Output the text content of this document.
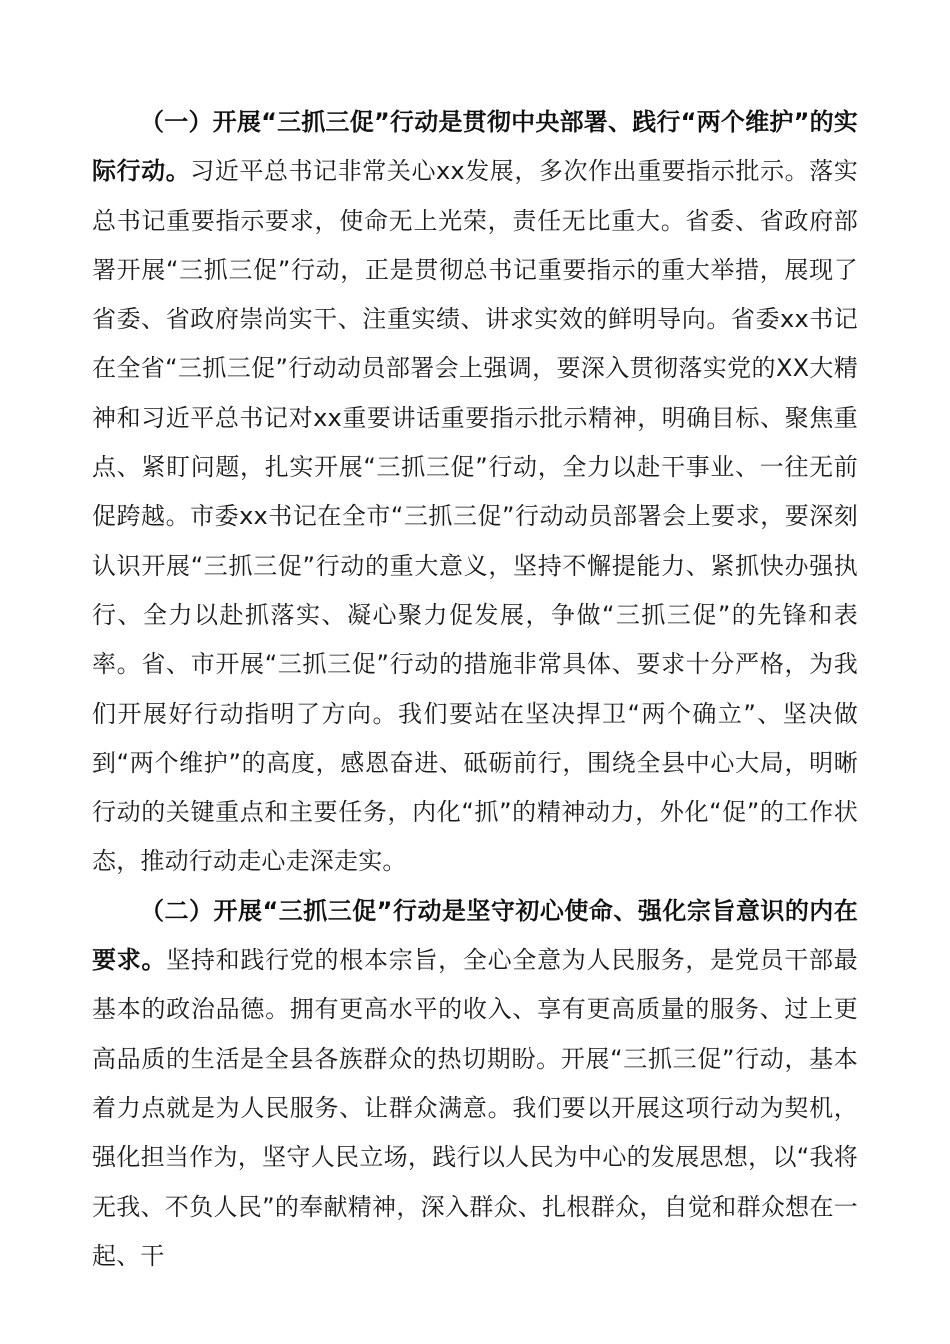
（一）开展“三抓三促”行动是贯彻中央部署、践行“两个维护”的实际行动。习近平总书记非常关心xx发展，多次作出重要指示批示。落实总书记重要指示要求，使命无上光荣，责任无比重大。省委、省政府部署开展“三抓三促”行动，正是贯彻总书记重要指示的重大举措，展现了省委、省政府崇尚实干、注重实绩、讲求实效的鲜明导向。省委xx书记在全省“三抓三促”行动动员部署会上强调，要深入贯彻落实党的XX大精神和习近平总书记对xx重要讲话重要指示批示精神，明确目标、聚焦重点、紧盯问题，扎实开展“三抓三促”行动，全力以赴干事业、一往无前促跨越。市委xx书记在全市“三抓三促”行动动员部署会上要求，要深刻认识开展“三抓三促”行动的重大意义，坚持不懈提能力、紧抓快办强执行、全力以赴抓落实、凝心聚力促发展，争做“三抓三促”的先锋和表率。省、市开展“三抓三促”行动的措施非常具体、要求十分严格，为我们开展好行动指明了方向。我们要站在坚决捍卫“两个确立”、坚决做到“两个维护”的高度，感恩奋进、砥砺前行，围绕全县中心大局，明晰行动的关键重点和主要任务，内化“抓”的精神动力，外化“促”的工作状态，推动行动走心走深走实。

（二）开展“三抓三促”行动是坚守初心使命、强化宗旨意识的内在要求。坚持和践行党的根本宗旨，全心全意为人民服务，是党员干部最基本的政治品德。拥有更高水平的收入、享有更高质量的服务、过上更高品质的生活是全县各族群众的热切期盼。开展“三抓三促”行动，基本着力点就是为人民服务、让群众满意。我们要以开展这项行动为契机，强化担当作为，坚守人民立场，践行以人民为中心的发展思想，以“我将无我、不负人民”的奉献精神，深入群众、扎根群众，自觉和群众想在一起、干
